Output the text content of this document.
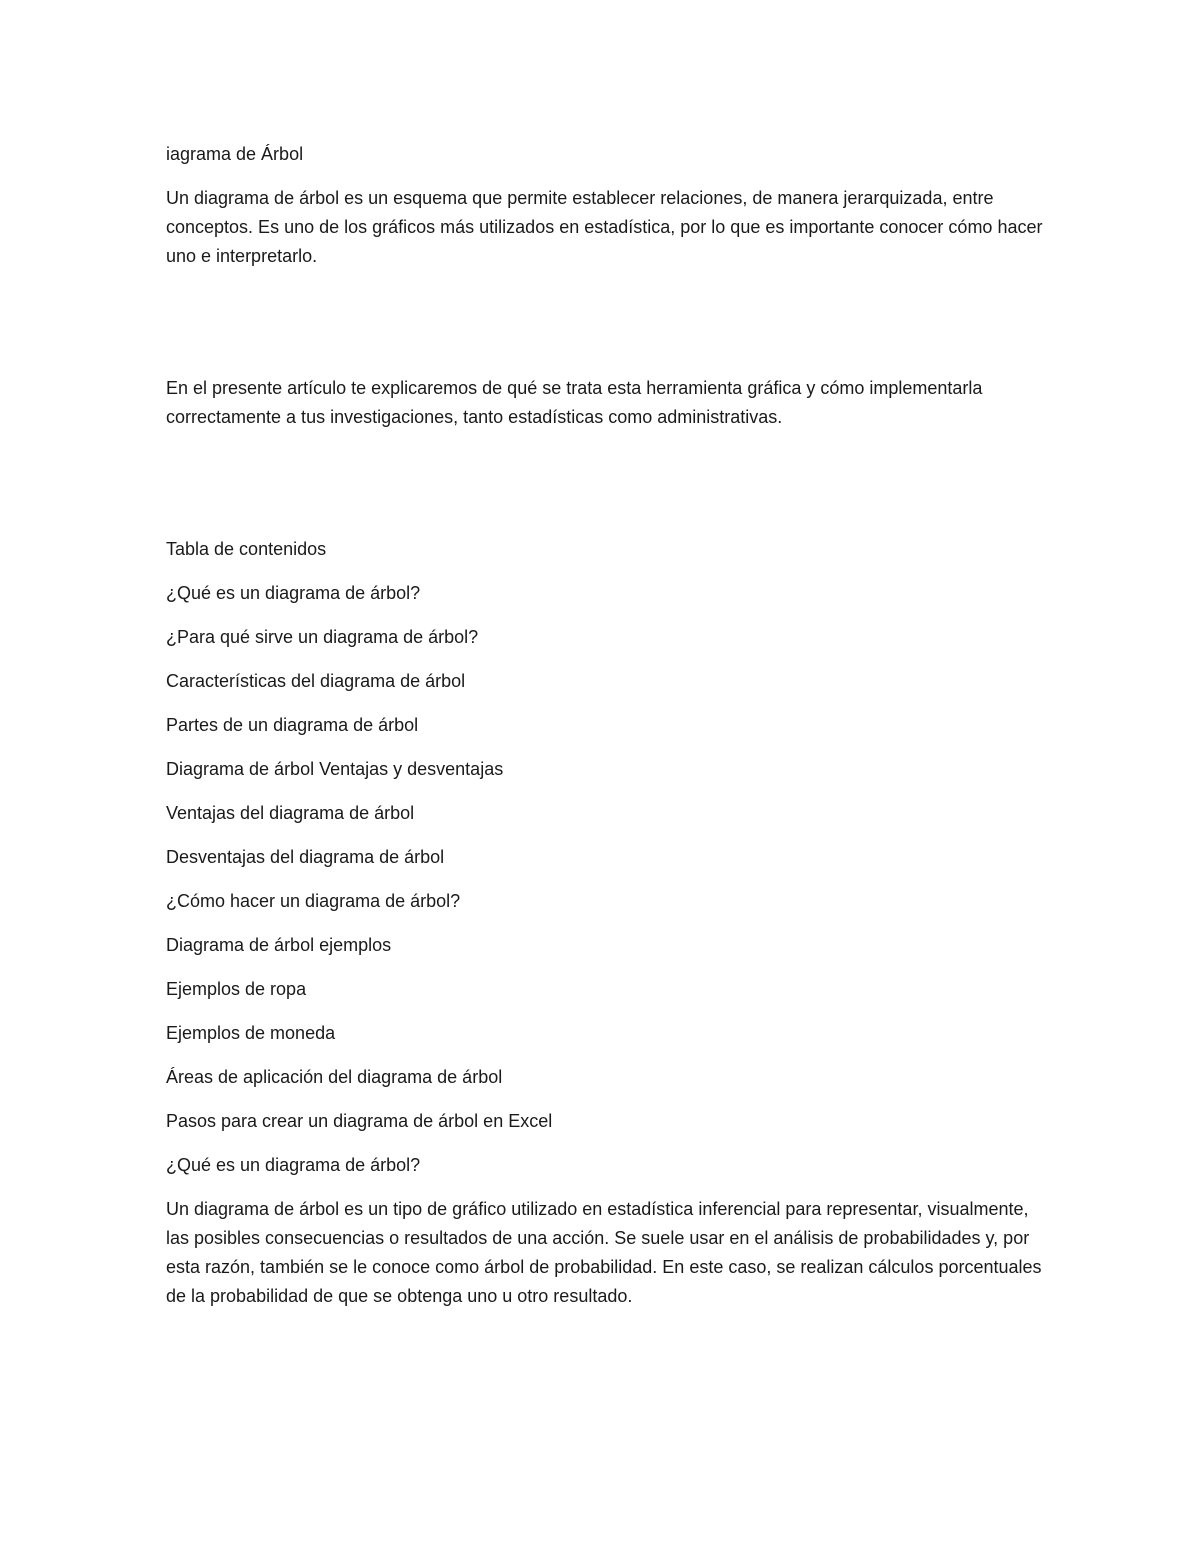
iagrama de Árbol

Un diagrama de árbol es un esquema que permite establecer relaciones, de manera jerarquizada, entre conceptos. Es uno de los gráficos más utilizados en estadística, por lo que es importante conocer cómo hacer uno e interpretarlo.

En el presente artículo te explicaremos de qué se trata esta herramienta gráfica y cómo implementarla correctamente a tus investigaciones, tanto estadísticas como administrativas.

Tabla de contenidos

¿Qué es un diagrama de árbol?
¿Para qué sirve un diagrama de árbol?
Características del diagrama de árbol
Partes de un diagrama de árbol
Diagrama de árbol Ventajas y desventajas
Ventajas del diagrama de árbol
Desventajas del diagrama de árbol
¿Cómo hacer un diagrama de árbol?
Diagrama de árbol ejemplos
Ejemplos de ropa
Ejemplos de moneda
Áreas de aplicación del diagrama de árbol
Pasos para crear un diagrama de árbol en Excel

¿Qué es un diagrama de árbol?

Un diagrama de árbol es un tipo de gráfico utilizado en estadística inferencial para representar, visualmente, las posibles consecuencias o resultados de una acción. Se suele usar en el análisis de probabilidades y, por esta razón, también se le conoce como árbol de probabilidad. En este caso, se realizan cálculos porcentuales de la probabilidad de que se obtenga uno u otro resultado.
